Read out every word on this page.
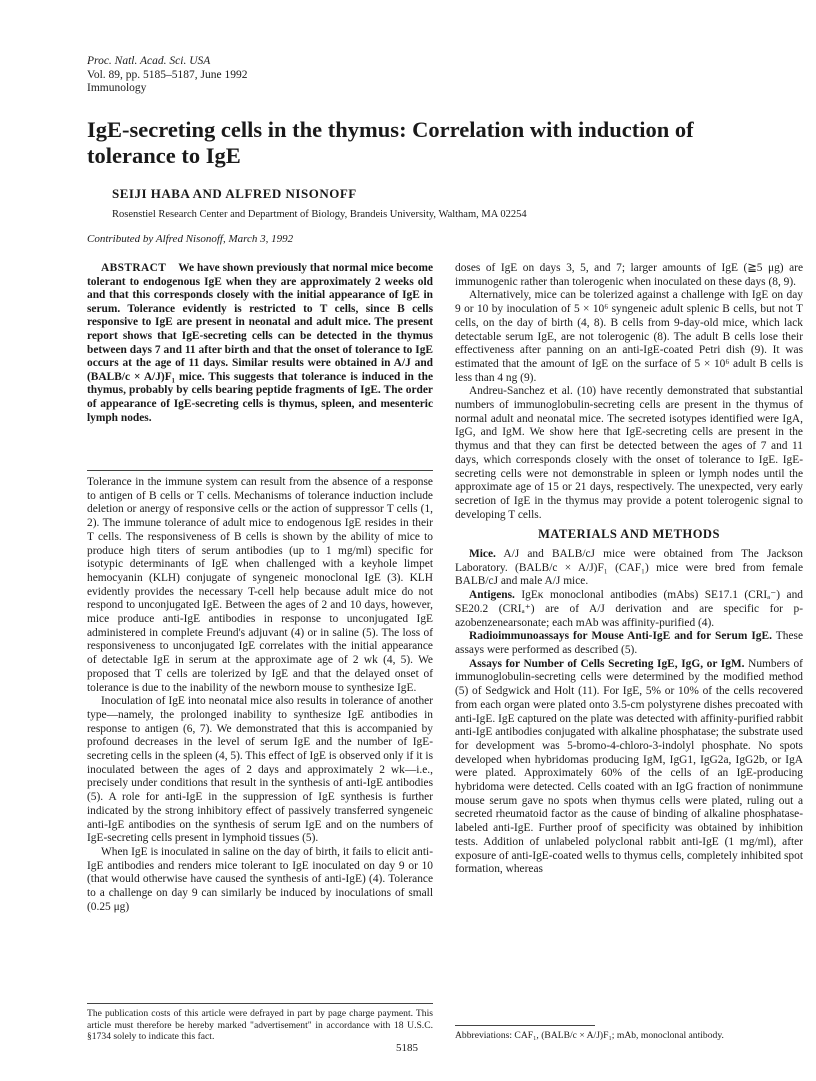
Proc. Natl. Acad. Sci. USA
Vol. 89, pp. 5185–5187, June 1992
Immunology
IgE-secreting cells in the thymus: Correlation with induction of tolerance to IgE
SEIJI HABA AND ALFRED NISONOFF
Rosenstiel Research Center and Department of Biology, Brandeis University, Waltham, MA 02254
Contributed by Alfred Nisonoff, March 3, 1992

ABSTRACT We have shown previously that normal mice become tolerant to endogenous IgE when they are approximately 2 weeks old and that this corresponds closely with the initial appearance of IgE in serum. Tolerance evidently is restricted to T cells, since B cells responsive to IgE are present in neonatal and adult mice. The present report shows that IgE-secreting cells can be detected in the thymus between days 7 and 11 after birth and that the onset of tolerance to IgE occurs at the age of 11 days. Similar results were obtained in A/J and (BALB/c × A/J)F₁ mice. This suggests that tolerance is induced in the thymus, probably by cells bearing peptide fragments of IgE. The order of appearance of IgE-secreting cells is thymus, spleen, and mesenteric lymph nodes.

Tolerance in the immune system can result from the absence of a response to antigen of B cells or T cells. Mechanisms of tolerance induction include deletion or anergy of responsive cells or the action of suppressor T cells (1, 2). The immune tolerance of adult mice to endogenous IgE resides in their T cells. The responsiveness of B cells is shown by the ability of mice to produce high titers of serum antibodies (up to 1 mg/ml) specific for isotypic determinants of IgE when challenged with a keyhole limpet hemocyanin (KLH) conjugate of syngeneic monoclonal IgE (3). KLH evidently provides the necessary T-cell help because adult mice do not respond to unconjugated IgE. Between the ages of 2 and 10 days, however, mice produce anti-IgE antibodies in response to unconjugated IgE administered in complete Freund's adjuvant (4) or in saline (5). The loss of responsiveness to unconjugated IgE correlates with the initial appearance of detectable IgE in serum at the approximate age of 2 wk (4, 5). We proposed that T cells are tolerized by IgE and that the delayed onset of tolerance is due to the inability of the newborn mouse to synthesize IgE.

Inoculation of IgE into neonatal mice also results in tolerance of another type—namely, the prolonged inability to synthesize IgE antibodies in response to antigen (6, 7). We demonstrated that this is accompanied by profound decreases in the level of serum IgE and the number of IgE-secreting cells in the spleen (4, 5). This effect of IgE is observed only if it is inoculated between the ages of 2 days and approximately 2 wk—i.e., precisely under conditions that result in the synthesis of anti-IgE antibodies (5). A role for anti-IgE in the suppression of IgE synthesis is further indicated by the strong inhibitory effect of passively transferred syngeneic anti-IgE antibodies on the synthesis of serum IgE and on the numbers of IgE-secreting cells present in lymphoid tissues (5).

When IgE is inoculated in saline on the day of birth, it fails to elicit anti-IgE antibodies and renders mice tolerant to IgE inoculated on day 9 or 10 (that would otherwise have caused the synthesis of anti-IgE) (4). Tolerance to a challenge on day 9 can similarly be induced by inoculations of small (0.25 μg)

doses of IgE on days 3, 5, and 7; larger amounts of IgE (≧5 μg) are immunogenic rather than tolerogenic when inoculated on these days (8, 9).

Alternatively, mice can be tolerized against a challenge with IgE on day 9 or 10 by inoculation of 5 × 10⁶ syngeneic adult splenic B cells, but not T cells, on the day of birth (4, 8). B cells from 9-day-old mice, which lack detectable serum IgE, are not tolerogenic (8). The adult B cells lose their effectiveness after panning on an anti-IgE-coated Petri dish (9). It was estimated that the amount of IgE on the surface of 5 × 10⁶ adult B cells is less than 4 ng (9).

Andreu-Sanchez et al. (10) have recently demonstrated that substantial numbers of immunoglobulin-secreting cells are present in the thymus of normal adult and neonatal mice. The secreted isotypes identified were IgA, IgG, and IgM. We show here that IgE-secreting cells are present in the thymus and that they can first be detected between the ages of 7 and 11 days, which corresponds closely with the onset of tolerance to IgE. IgE-secreting cells were not demonstrable in spleen or lymph nodes until the approximate age of 15 or 21 days, respectively. The unexpected, very early secretion of IgE in the thymus may provide a potent tolerogenic signal to developing T cells.

MATERIALS AND METHODS

Mice. A/J and BALB/cJ mice were obtained from The Jackson Laboratory. (BALB/c × A/J)F₁ (CAF₁) mice were bred from female BALB/cJ and male A/J mice.

Antigens. IgEκ monoclonal antibodies (mAbs) SE17.1 (CRIₐ⁻) and SE20.2 (CRIₐ⁺) are of A/J derivation and are specific for p-azobenzenearsonate; each mAb was affinity-purified (4).

Radioimmunoassays for Mouse Anti-IgE and for Serum IgE. These assays were performed as described (5).

Assays for Number of Cells Secreting IgE, IgG, or IgM. Numbers of immunoglobulin-secreting cells were determined by the modified method (5) of Sedgwick and Holt (11). For IgE, 5% or 10% of the cells recovered from each organ were plated onto 3.5-cm polystyrene dishes precoated with anti-IgE. IgE captured on the plate was detected with affinity-purified rabbit anti-IgE antibodies conjugated with alkaline phosphatase; the substrate used for development was 5-bromo-4-chloro-3-indolyl phosphate. No spots developed when hybridomas producing IgM, IgG1, IgG2a, IgG2b, or IgA were plated. Approximately 60% of the cells of an IgE-producing hybridoma were detected. Cells coated with an IgG fraction of nonimmune mouse serum gave no spots when thymus cells were plated, ruling out a secreted rheumatoid factor as the cause of binding of alkaline phosphatase-labeled anti-IgE. Further proof of specificity was obtained by inhibition tests. Addition of unlabeled polyclonal rabbit anti-IgE (1 mg/ml), after exposure of anti-IgE-coated wells to thymus cells, completely inhibited spot formation, whereas

The publication costs of this article were defrayed in part by page charge payment. This article must therefore be hereby marked "advertisement" in accordance with 18 U.S.C. §1734 solely to indicate this fact.	Abbreviations: CAF₁, (BALB/c × A/J)F₁; mAb, monoclonal antibody.
5185
